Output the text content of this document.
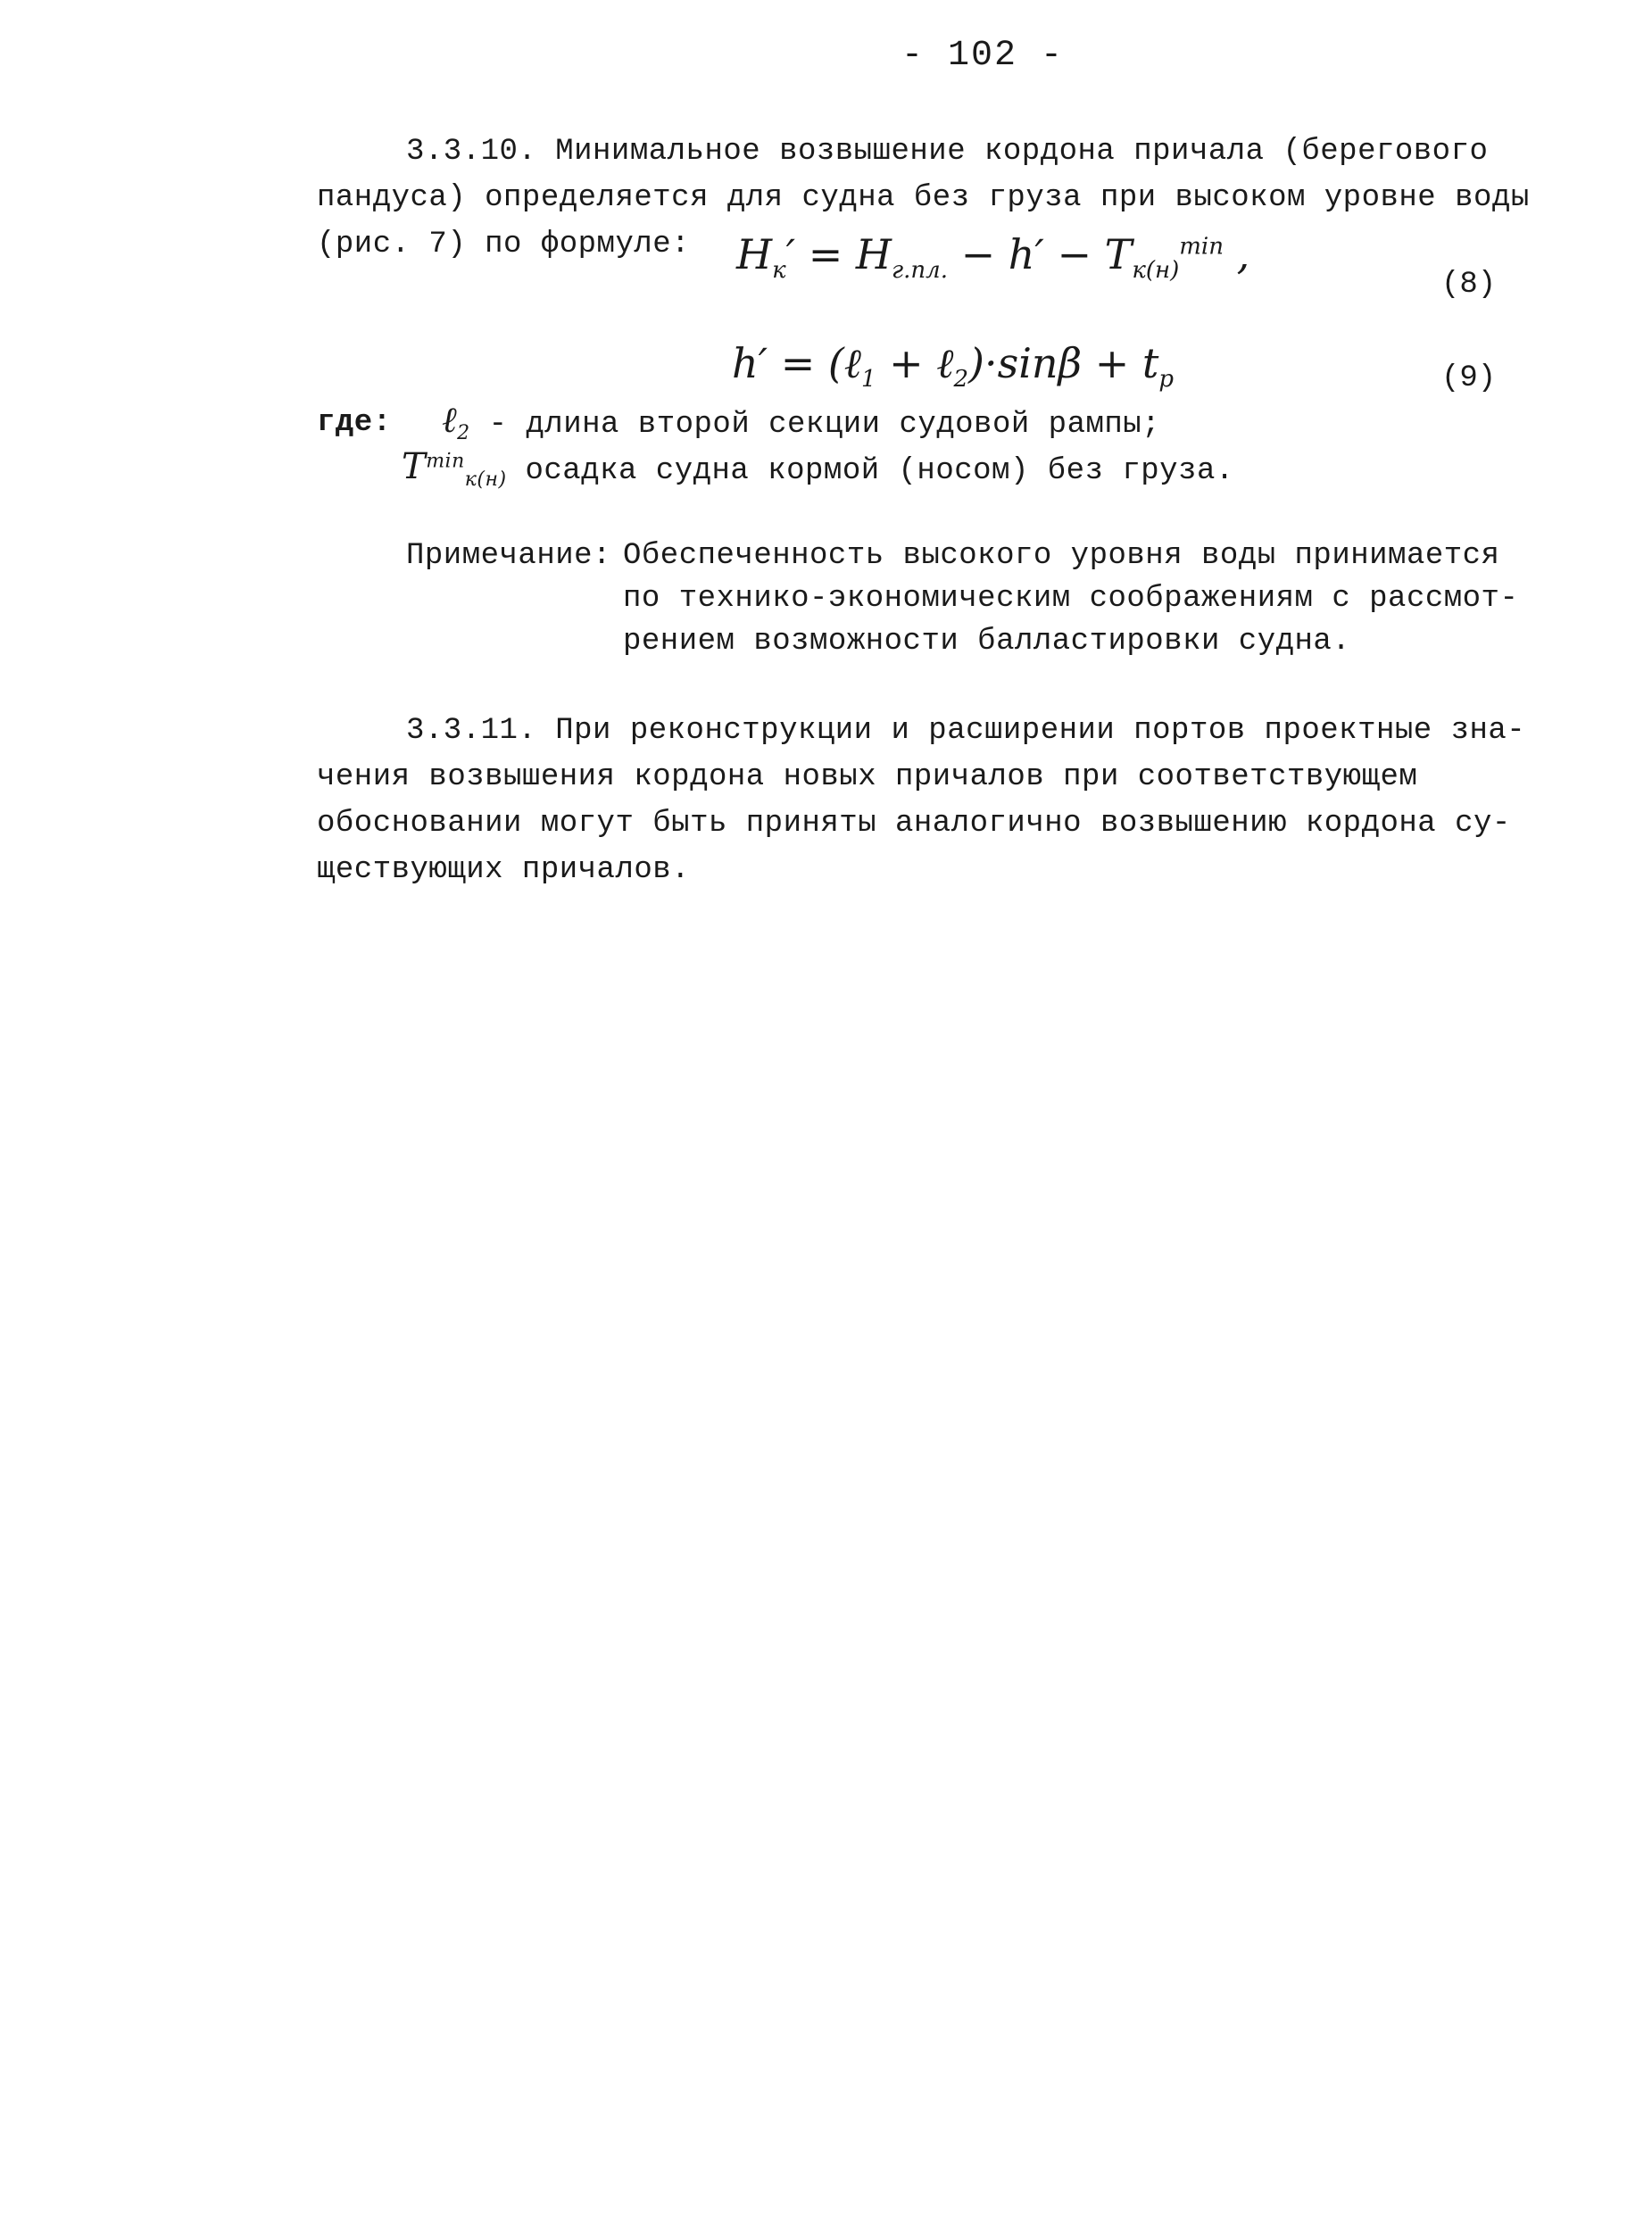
- 102 -
3.3.10. Минимальное возвышение кордона причала (берегового
пандуса) определяется для судна без груза при высоком уровне воды
(рис. 7) по формуле: $H_к' = H_{г.пл.} - h' - T_{к(н)}^{min}$ ,
(8)
h′ = (ℓ$_1$ + ℓ$_2$)·sinβ + $t_p$	(9)
где: ℓ$_2$ - длина второй секции судовой рампы;
$T^{min}_{к(н)}$ осадка судна кормой (носом) без груза.
Примечание: Обеспеченность высокого уровня воды принимается
по технико-экономическим соображениям с рассмот-
рением возможности балластировки судна.
3.3.11. При реконструкции и расширении портов проектные зна-
чения возвышения кордона новых причалов при соответствующем
обосновании могут быть приняты аналогично возвышению кордона су-
ществующих причалов.
